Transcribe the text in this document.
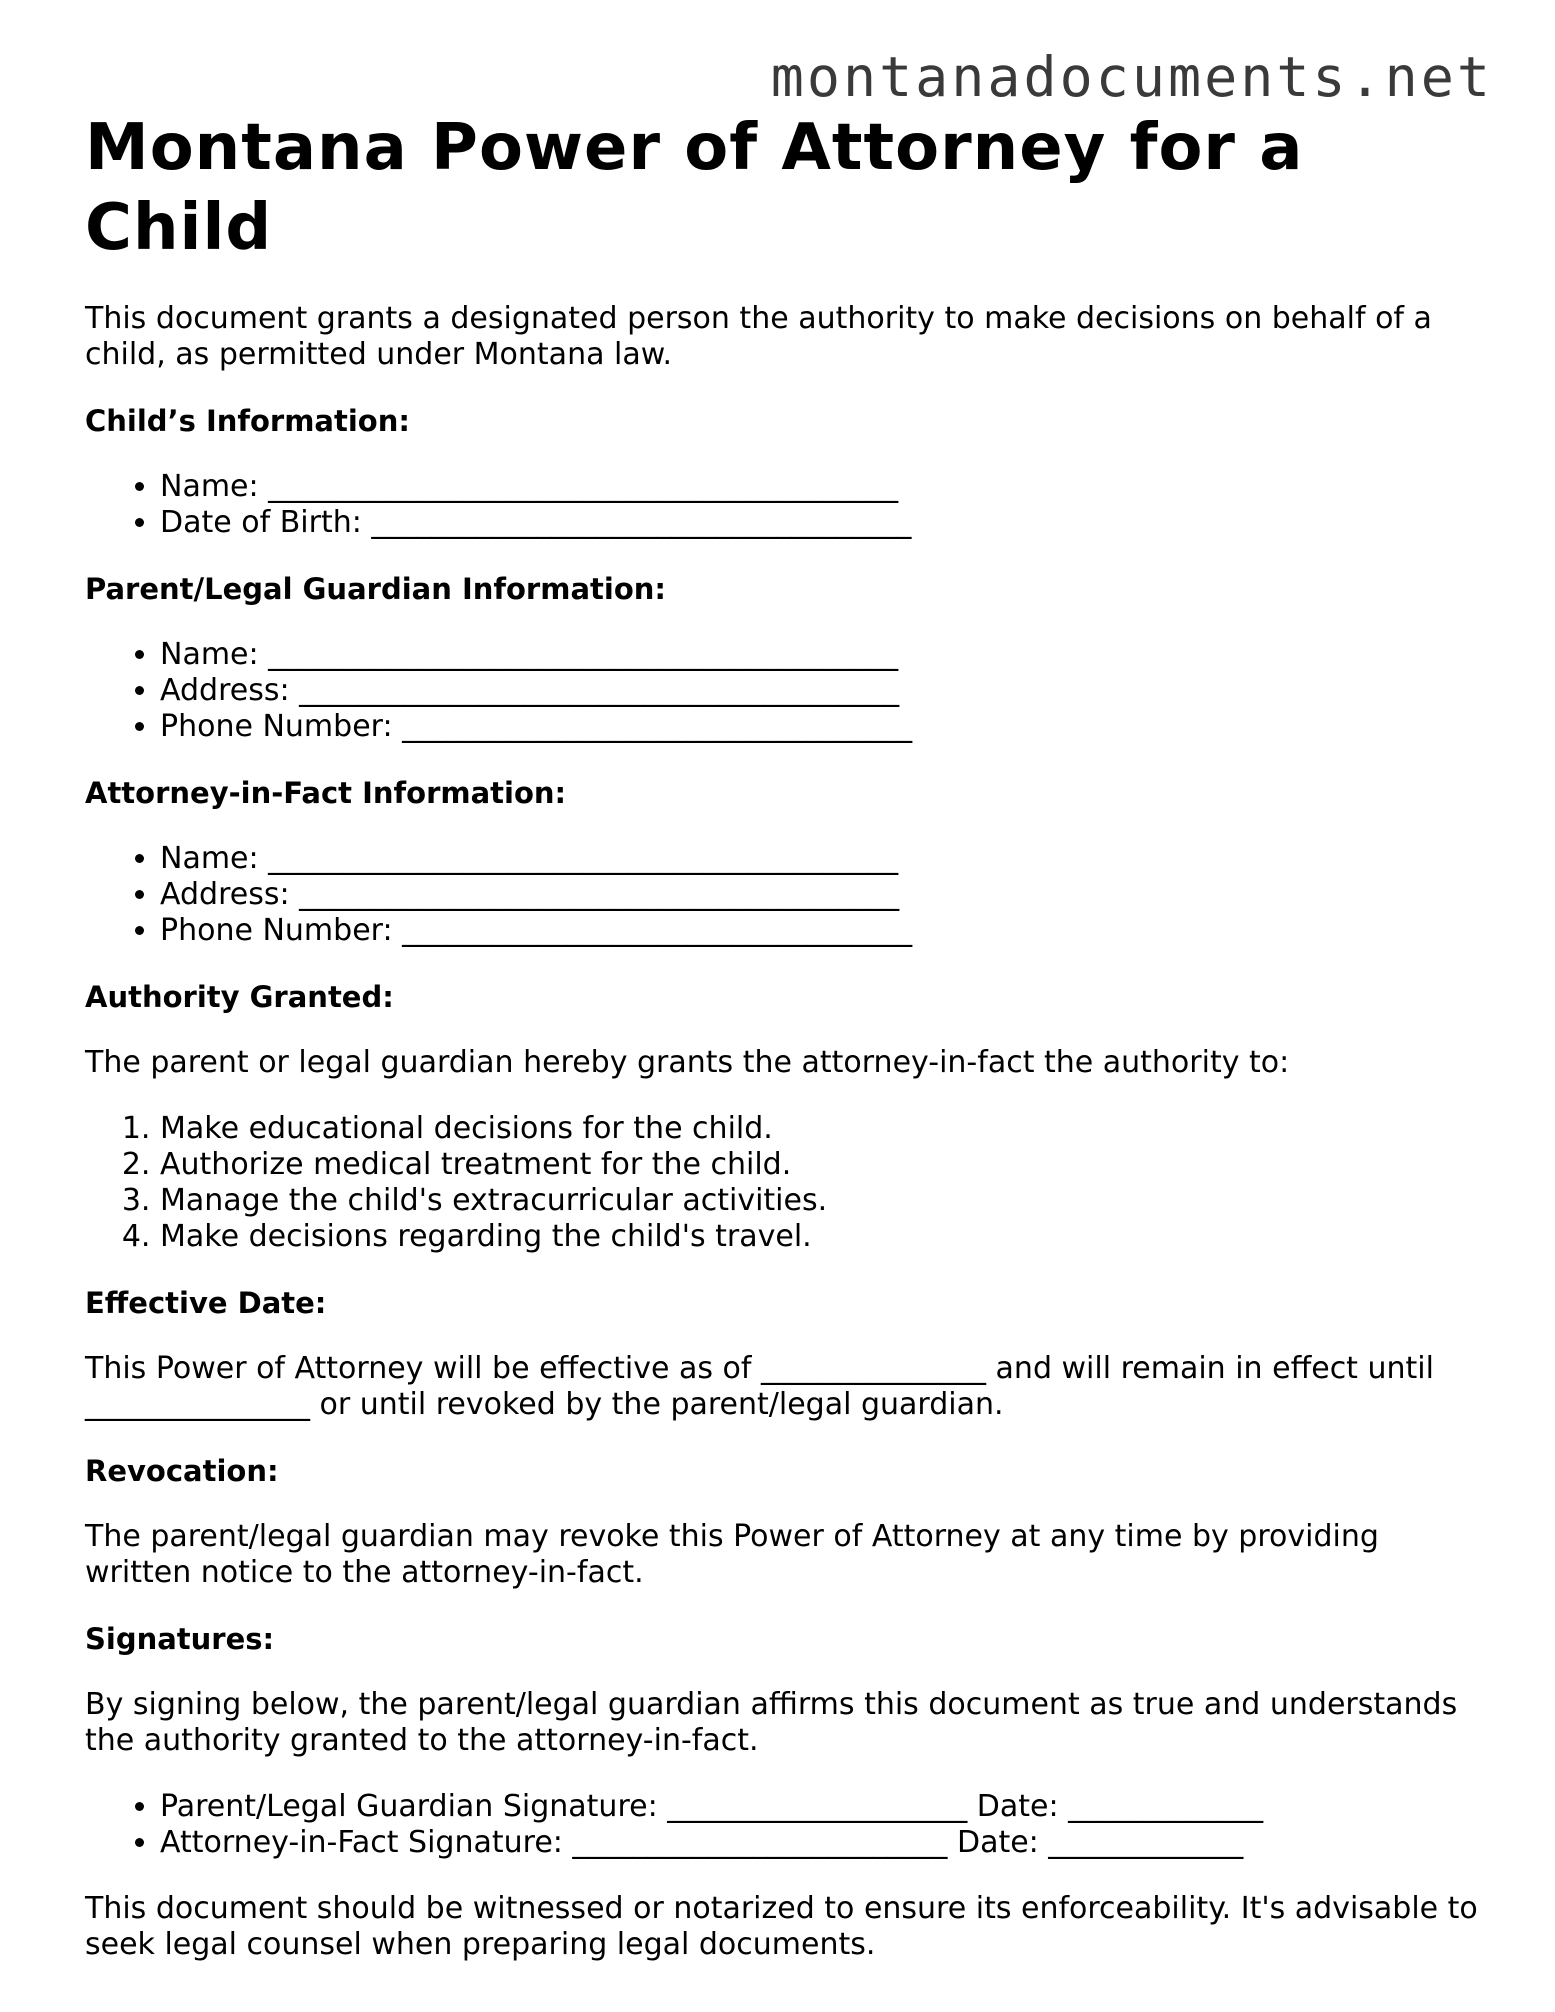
montanadocuments.net
Montana Power of Attorney for a Child

This document grants a designated person the authority to make decisions on behalf of a child, as permitted under Montana law.

Child’s Information:
• Name: __________________________________________
• Date of Birth: ____________________________________
Parent/Legal Guardian Information:
• Name: __________________________________________
• Address: ________________________________________
• Phone Number: __________________________________
Attorney-in-Fact Information:
• Name: __________________________________________
• Address: ________________________________________
• Phone Number: __________________________________
Authority Granted:

The parent or legal guardian hereby grants the attorney-in-fact the authority to:

1. Make educational decisions for the child.
2. Authorize medical treatment for the child.
3. Manage the child's extracurricular activities.
4. Make decisions regarding the child's travel.
Effective Date:

This Power of Attorney will be effective as of _______________ and will remain in effect until _______________ or until revoked by the parent/legal guardian.

Revocation:

The parent/legal guardian may revoke this Power of Attorney at any time by providing written notice to the attorney-in-fact.

Signatures:

By signing below, the parent/legal guardian affirms this document as true and understands the authority granted to the attorney-in-fact.

• Parent/Legal Guardian Signature: ____________________ Date: _____________
• Attorney-in-Fact Signature: _________________________ Date: _____________

This document should be witnessed or notarized to ensure its enforceability. It's advisable to seek legal counsel when preparing legal documents.
